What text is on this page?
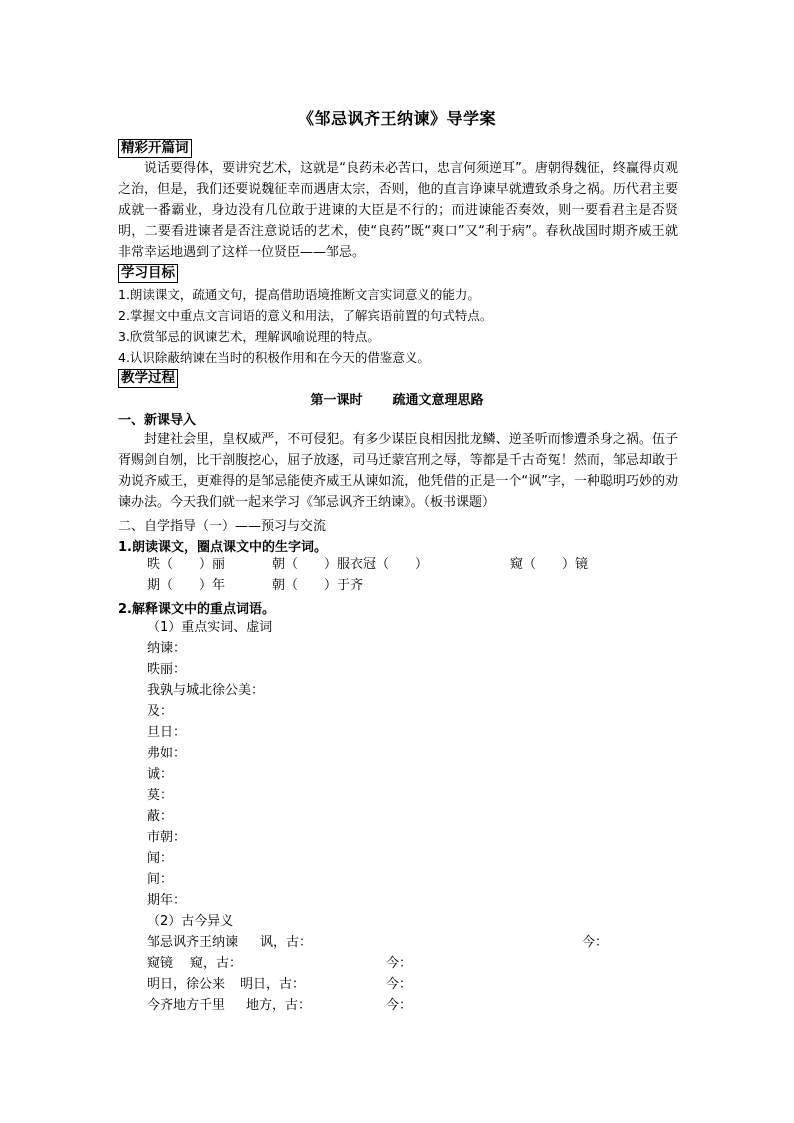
《邹忌讽齐王纳谏》导学案
精彩开篇词

说话要得体，要讲究艺术，这就是“良药未必苦口，忠言何须逆耳”。唐朝得魏征，终赢得贞观之治，但是，我们还要说魏征幸而遇唐太宗，否则，他的直言诤谏早就遭致杀身之祸。历代君主要成就一番霸业，身边没有几位敢于进谏的大臣是不行的；而进谏能否奏效，则一要看君主是否贤明，二要看进谏者是否注意说话的艺术，使“良药”既“爽口”又“利于病”。春秋战国时期齐威王就非常幸运地遇到了这样一位贤臣——邹忌。

学习目标
1.朗读课文，疏通文句，提高借助语境推断文言实词意义的能力。
2.掌握文中重点文言词语的意义和用法，了解宾语前置的句式特点。
3.欣赏邹忌的讽谏艺术，理解讽喻说理的特点。
4.认识除蔽纳谏在当时的积极作用和在今天的借鉴意义。
教学过程
第一课时 疏通文意理思路
一、新课导入

封建社会里，皇权威严，不可侵犯。有多少谋臣良相因批龙鳞、逆圣听而惨遭杀身之祸。伍子胥赐剑自刎，比干剖腹挖心，屈子放逐，司马迁蒙宫刑之辱，等都是千古奇冤！然而，邹忌却敢于劝说齐威王，更难得的是邹忌能使齐威王从谏如流，他凭借的正是一个“讽”字，一种聪明巧妙的劝谏办法。今天我们就一起来学习《邹忌讽齐王纳谏》。（板书课题）

二、自学指导（一）——预习与交流
1.朗读课文，圈点课文中的生字词。
昳（　　）丽	朝（　　）服衣冠（　　）	窥（　　）镜
期（　　）年	朝（　　）于齐
2.解释课文中的重点词语。
（1）重点实词、虚词
纳谏：
昳丽：
我孰与城北徐公美：
及：
旦日：
弗如：
诚：
莫：
蔽：
市朝：
闻：
间：
期年：
（2）古今异义
邹忌讽齐王纳谏 讽，古：	今：
窥镜 窥，古：	今：
明日，徐公来 明日，古：	今：
今齐地方千里 地方，古：	今：
